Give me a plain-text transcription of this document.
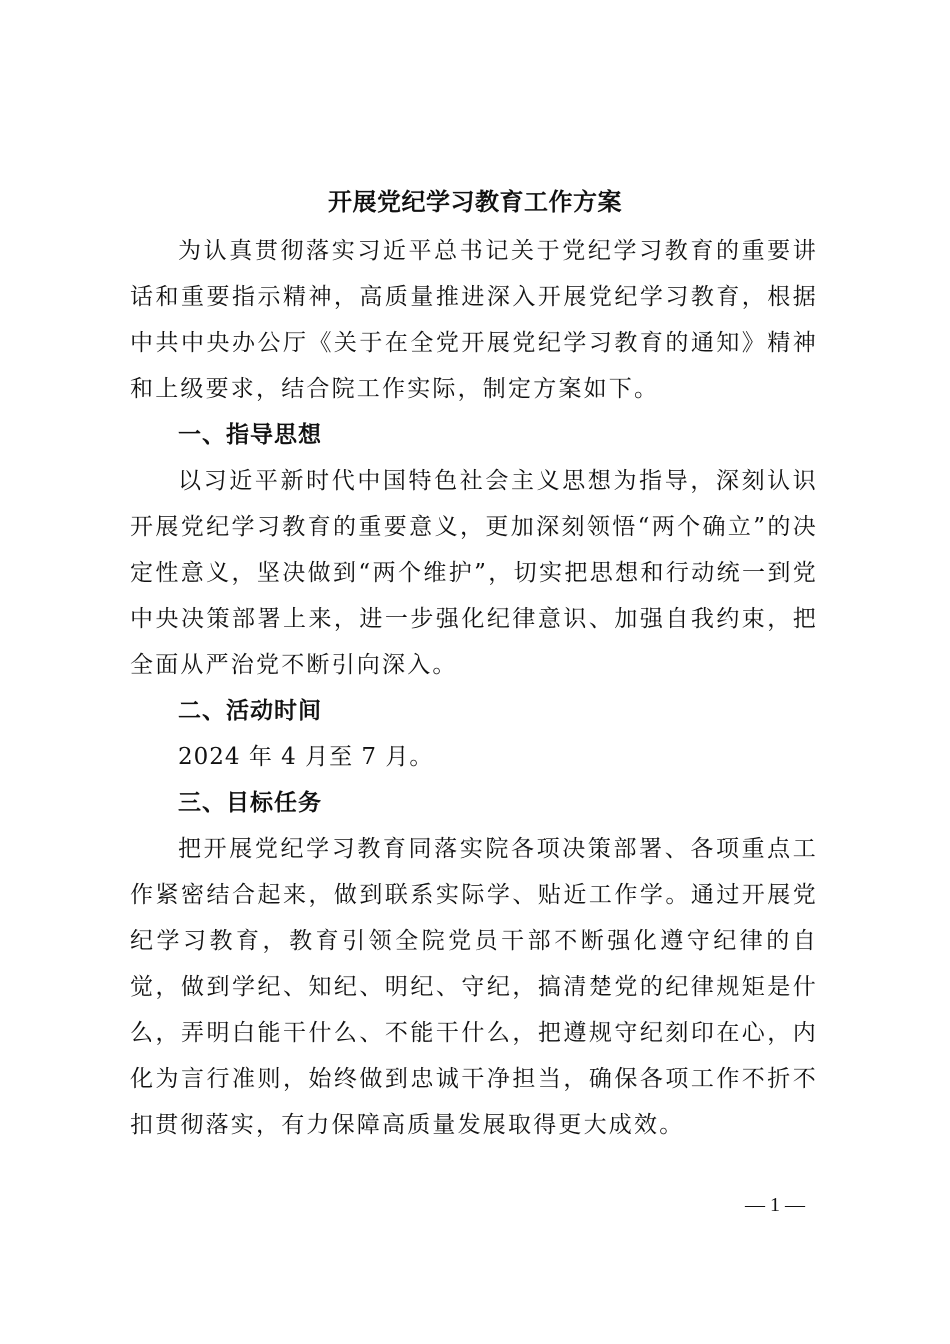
开展党纪学习教育工作方案

为认真贯彻落实习近平总书记关于党纪学习教育的重要讲话和重要指示精神，高质量推进深入开展党纪学习教育，根据中共中央办公厅《关于在全党开展党纪学习教育的通知》精神和上级要求，结合院工作实际，制定方案如下。

一、指导思想

以习近平新时代中国特色社会主义思想为指导，深刻认识开展党纪学习教育的重要意义，更加深刻领悟“两个确立”的决定性意义，坚决做到“两个维护”，切实把思想和行动统一到党中央决策部署上来，进一步强化纪律意识、加强自我约束，把全面从严治党不断引向深入。

二、活动时间

2024 年 4 月至 7 月。

三、目标任务

把开展党纪学习教育同落实院各项决策部署、各项重点工作紧密结合起来，做到联系实际学、贴近工作学。通过开展党纪学习教育，教育引领全院党员干部不断强化遵守纪律的自觉，做到学纪、知纪、明纪、守纪，搞清楚党的纪律规矩是什么，弄明白能干什么、不能干什么，把遵规守纪刻印在心，内化为言行准则，始终做到忠诚干净担当，确保各项工作不折不扣贯彻落实，有力保障高质量发展取得更大成效。

— 1 —
